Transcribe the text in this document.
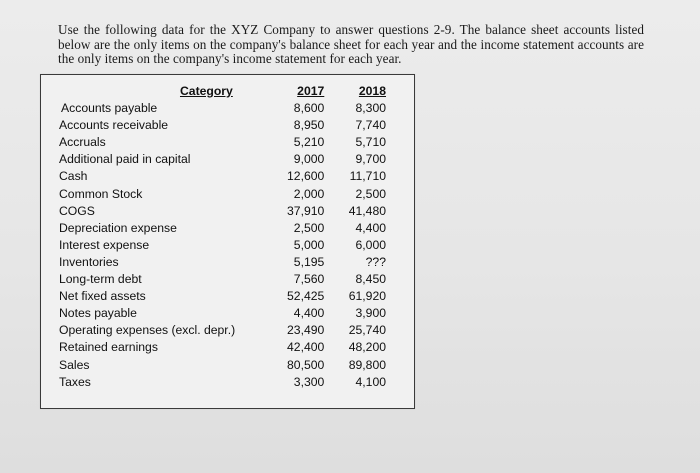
Use the following data for the XYZ Company to answer questions 2-9. The balance sheet accounts listed below are the only items on the company's balance sheet for each year and the income statement accounts are the only items on the company's income statement for each year.

Category	2017	2018
Accounts payable	8,600	8,300
Accounts receivable	8,950	7,740
Accruals	5,210	5,710
Additional paid in capital	9,000	9,700
Cash	12,600	11,710
Common Stock	2,000	2,500
COGS	37,910	41,480
Depreciation expense	2,500	4,400
Interest expense	5,000	6,000
Inventories	5,195	???
Long-term debt	7,560	8,450
Net fixed assets	52,425	61,920
Notes payable	4,400	3,900
Operating expenses (excl. depr.)	23,490	25,740
Retained earnings	42,400	48,200
Sales	80,500	89,800
Taxes	3,300	4,100
